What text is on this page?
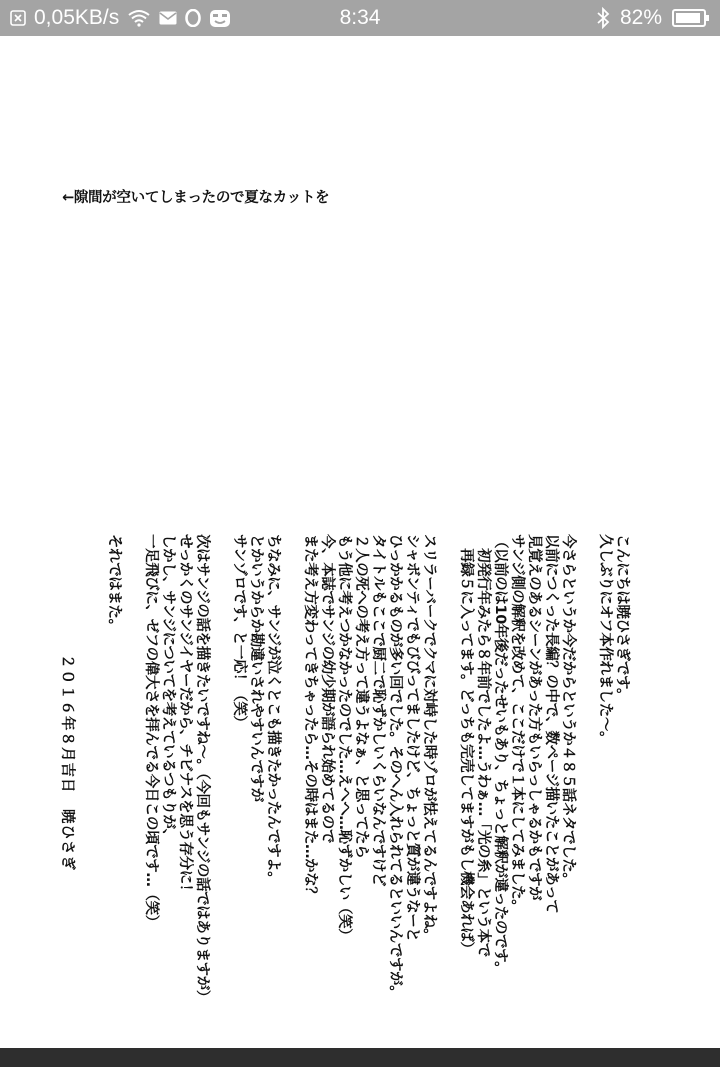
0,05KB/s	8:34	82%
←隙間が空いてしまったので夏なカットを
こんにちは暁ひさぎです。
久しぶりにオフ本作れました〜。
今さらというか今だからというか４８５話ネタでした。
以前につくった長編？の中で、数ページ描いたことがあって
見覚えのあるシーンがあった方もいらっしゃるかもですが
サンジ側の解釈を改めて、ここだけで１本にしてみました。
（以前のは10年後だったせいもあり、ちょっと解釈が違ったのです。
　初発行年みたら８年前でしたよ…うわぁ…「光の糸」という本で
　再録５に入ってます。どっちも完売してますがもし機会あれば）
スリラーバークでクマに対峙した時ゾロが怯えてるんですよね。
シャボンティでもびびってましたけど、ちょっと質が違うなーと
ひっかかるものが多い回でした。そのへん入れられてるといいんですが。
タイトルもここで厨二で恥ずかしいくらいなんですけど
２人の死への考え方って違うよなぁ、と思ってたら
もう他に考えつかなかったのでした…えへへ…恥ずかしい（笑）
今、本誌でサンジの幼少期が語られ始めてるので
また考え方変わってきちゃったら…その時はまた…かな？
ちなみに、サンジが泣くとこも描きたかったんですよ。
とかいうからか勘違いされやすいんですが
サンゾロです、と一応！（笑）
次はサンジの話を描きたいですね〜。（今回もサンジの話ではありますが）
せっかくのサンジイヤーだから、チビナスを思う存分に！
しかし、サンジについてを考えているつもりが、
一足飛びに、ゼフの偉大さを拝んでる今日この頃です…（笑）
それではまた。
２０１６年８月吉日　暁ひさぎ
